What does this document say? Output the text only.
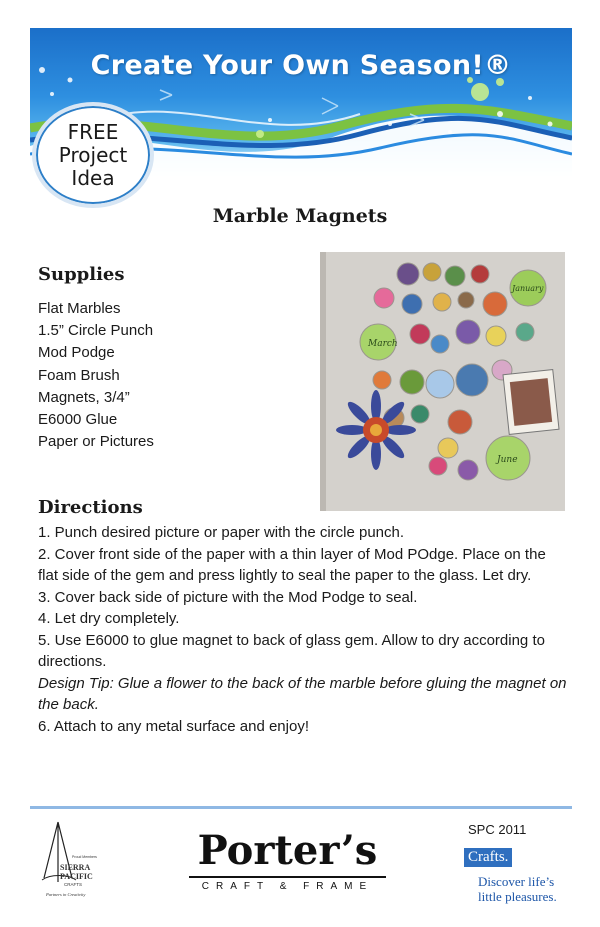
Create Your Own Season!®
FREE
Project
Idea
Marble Magnets
Supplies
Flat Marbles
1.5” Circle Punch
Mod Podge
Foam Brush
Magnets, 3/4”
E6000 Glue
Paper or Pictures
March
January
June
Directions

1. Punch desired picture or paper with the circle punch.

2. Cover front side of the paper with a thin layer of Mod POdge. Place on the flat side of the gem and press lightly to seal the paper to the glass. Let dry.

3. Cover back side of picture with the Mod Podge to seal.

4. Let dry completely.

5. Use E6000 to glue magnet to back of glass gem. Allow to dry according to directions.

Design Tip: Glue a flower to the back of the marble before gluing the magnet on the back.

6. Attach to any metal surface and enjoy!

Proud Members of
SIERRA
PACIFIC
CRAFTS
Partners in Creativity
Porter’s
CRAFT & FRAME
SPC 2011
Crafts.
Discover life’s little pleasures.
